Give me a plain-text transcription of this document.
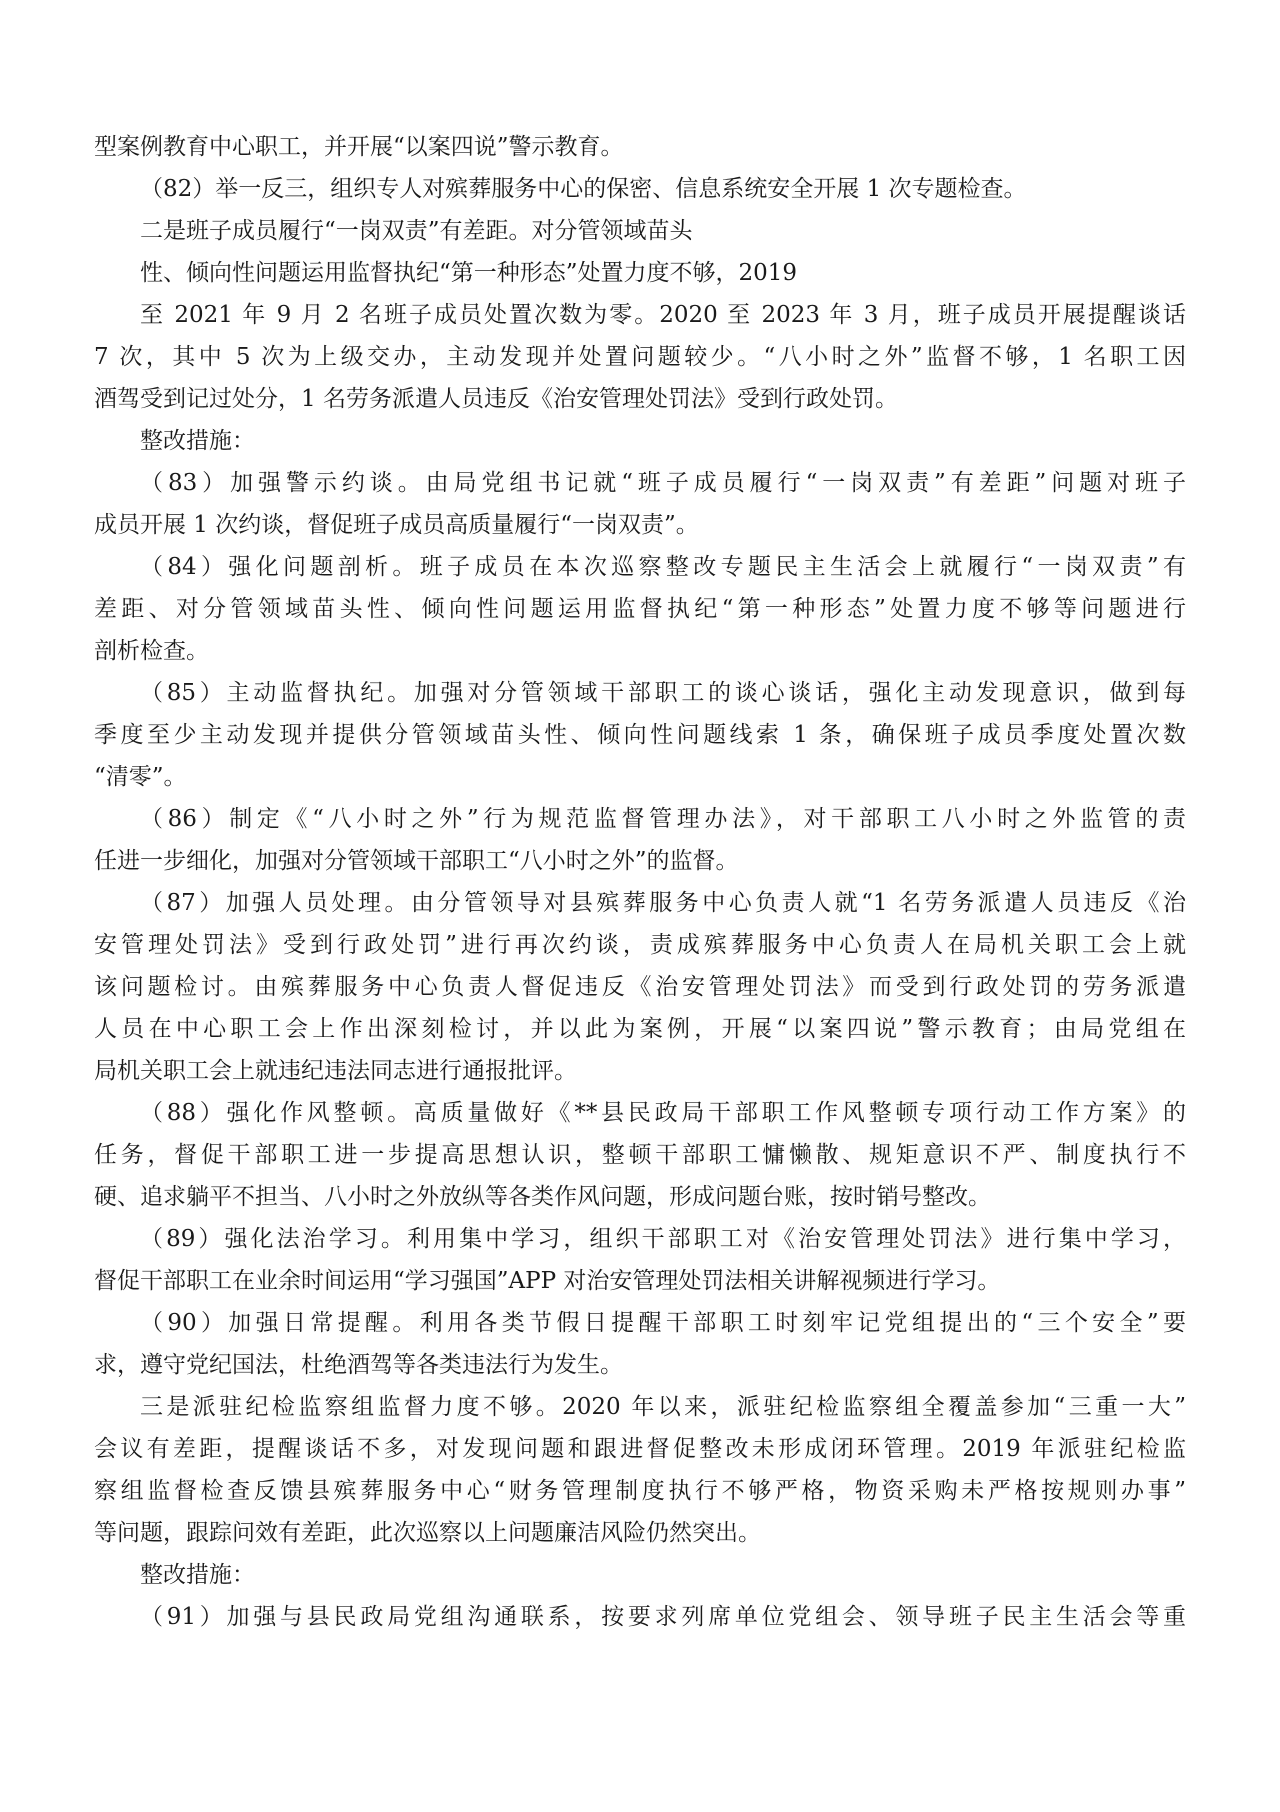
型案例教育中心职工，并开展“以案四说”警示教育。
（82）举一反三，组织专人对殡葬服务中心的保密、信息系统安全开展 1 次专题检查。
二是班子成员履行“一岗双责”有差距。对分管领域苗头
性、倾向性问题运用监督执纪“第一种形态”处置力度不够，2019
至 2021 年 9 月 2 名班子成员处置次数为零。2020 至 2023 年 3 月，班子成员开展提醒谈话
7 次，其中 5 次为上级交办，主动发现并处置问题较少。“八小时之外”监督不够，1 名职工因
酒驾受到记过处分，1 名劳务派遣人员违反《治安管理处罚法》受到行政处罚。
整改措施：
（83）加强警示约谈。由局党组书记就“班子成员履行“一岗双责”有差距”问题对班子
成员开展 1 次约谈，督促班子成员高质量履行“一岗双责”。
（84）强化问题剖析。班子成员在本次巡察整改专题民主生活会上就履行“一岗双责”有
差距、对分管领域苗头性、倾向性问题运用监督执纪“第一种形态”处置力度不够等问题进行
剖析检查。
（85）主动监督执纪。加强对分管领域干部职工的谈心谈话，强化主动发现意识，做到每
季度至少主动发现并提供分管领域苗头性、倾向性问题线索 1 条，确保班子成员季度处置次数
“清零”。
（86）制定《“八小时之外”行为规范监督管理办法》，对干部职工八小时之外监管的责
任进一步细化，加强对分管领域干部职工“八小时之外”的监督。
（87）加强人员处理。由分管领导对县殡葬服务中心负责人就“1 名劳务派遣人员违反《治
安管理处罚法》受到行政处罚”进行再次约谈，责成殡葬服务中心负责人在局机关职工会上就
该问题检讨。由殡葬服务中心负责人督促违反《治安管理处罚法》而受到行政处罚的劳务派遣
人员在中心职工会上作出深刻检讨，并以此为案例，开展“以案四说”警示教育；由局党组在
局机关职工会上就违纪违法同志进行通报批评。
（88）强化作风整顿。高质量做好《**县民政局干部职工作风整顿专项行动工作方案》的
任务，督促干部职工进一步提高思想认识，整顿干部职工慵懒散、规矩意识不严、制度执行不
硬、追求躺平不担当、八小时之外放纵等各类作风问题，形成问题台账，按时销号整改。
（89）强化法治学习。利用集中学习，组织干部职工对《治安管理处罚法》进行集中学习，
督促干部职工在业余时间运用“学习强国”APP 对治安管理处罚法相关讲解视频进行学习。
（90）加强日常提醒。利用各类节假日提醒干部职工时刻牢记党组提出的“三个安全”要
求，遵守党纪国法，杜绝酒驾等各类违法行为发生。
三是派驻纪检监察组监督力度不够。2020 年以来，派驻纪检监察组全覆盖参加“三重一大”
会议有差距，提醒谈话不多，对发现问题和跟进督促整改未形成闭环管理。2019 年派驻纪检监
察组监督检查反馈县殡葬服务中心“财务管理制度执行不够严格，物资采购未严格按规则办事”
等问题，跟踪问效有差距，此次巡察以上问题廉洁风险仍然突出。
整改措施：
（91）加强与县民政局党组沟通联系，按要求列席单位党组会、领导班子民主生活会等重
